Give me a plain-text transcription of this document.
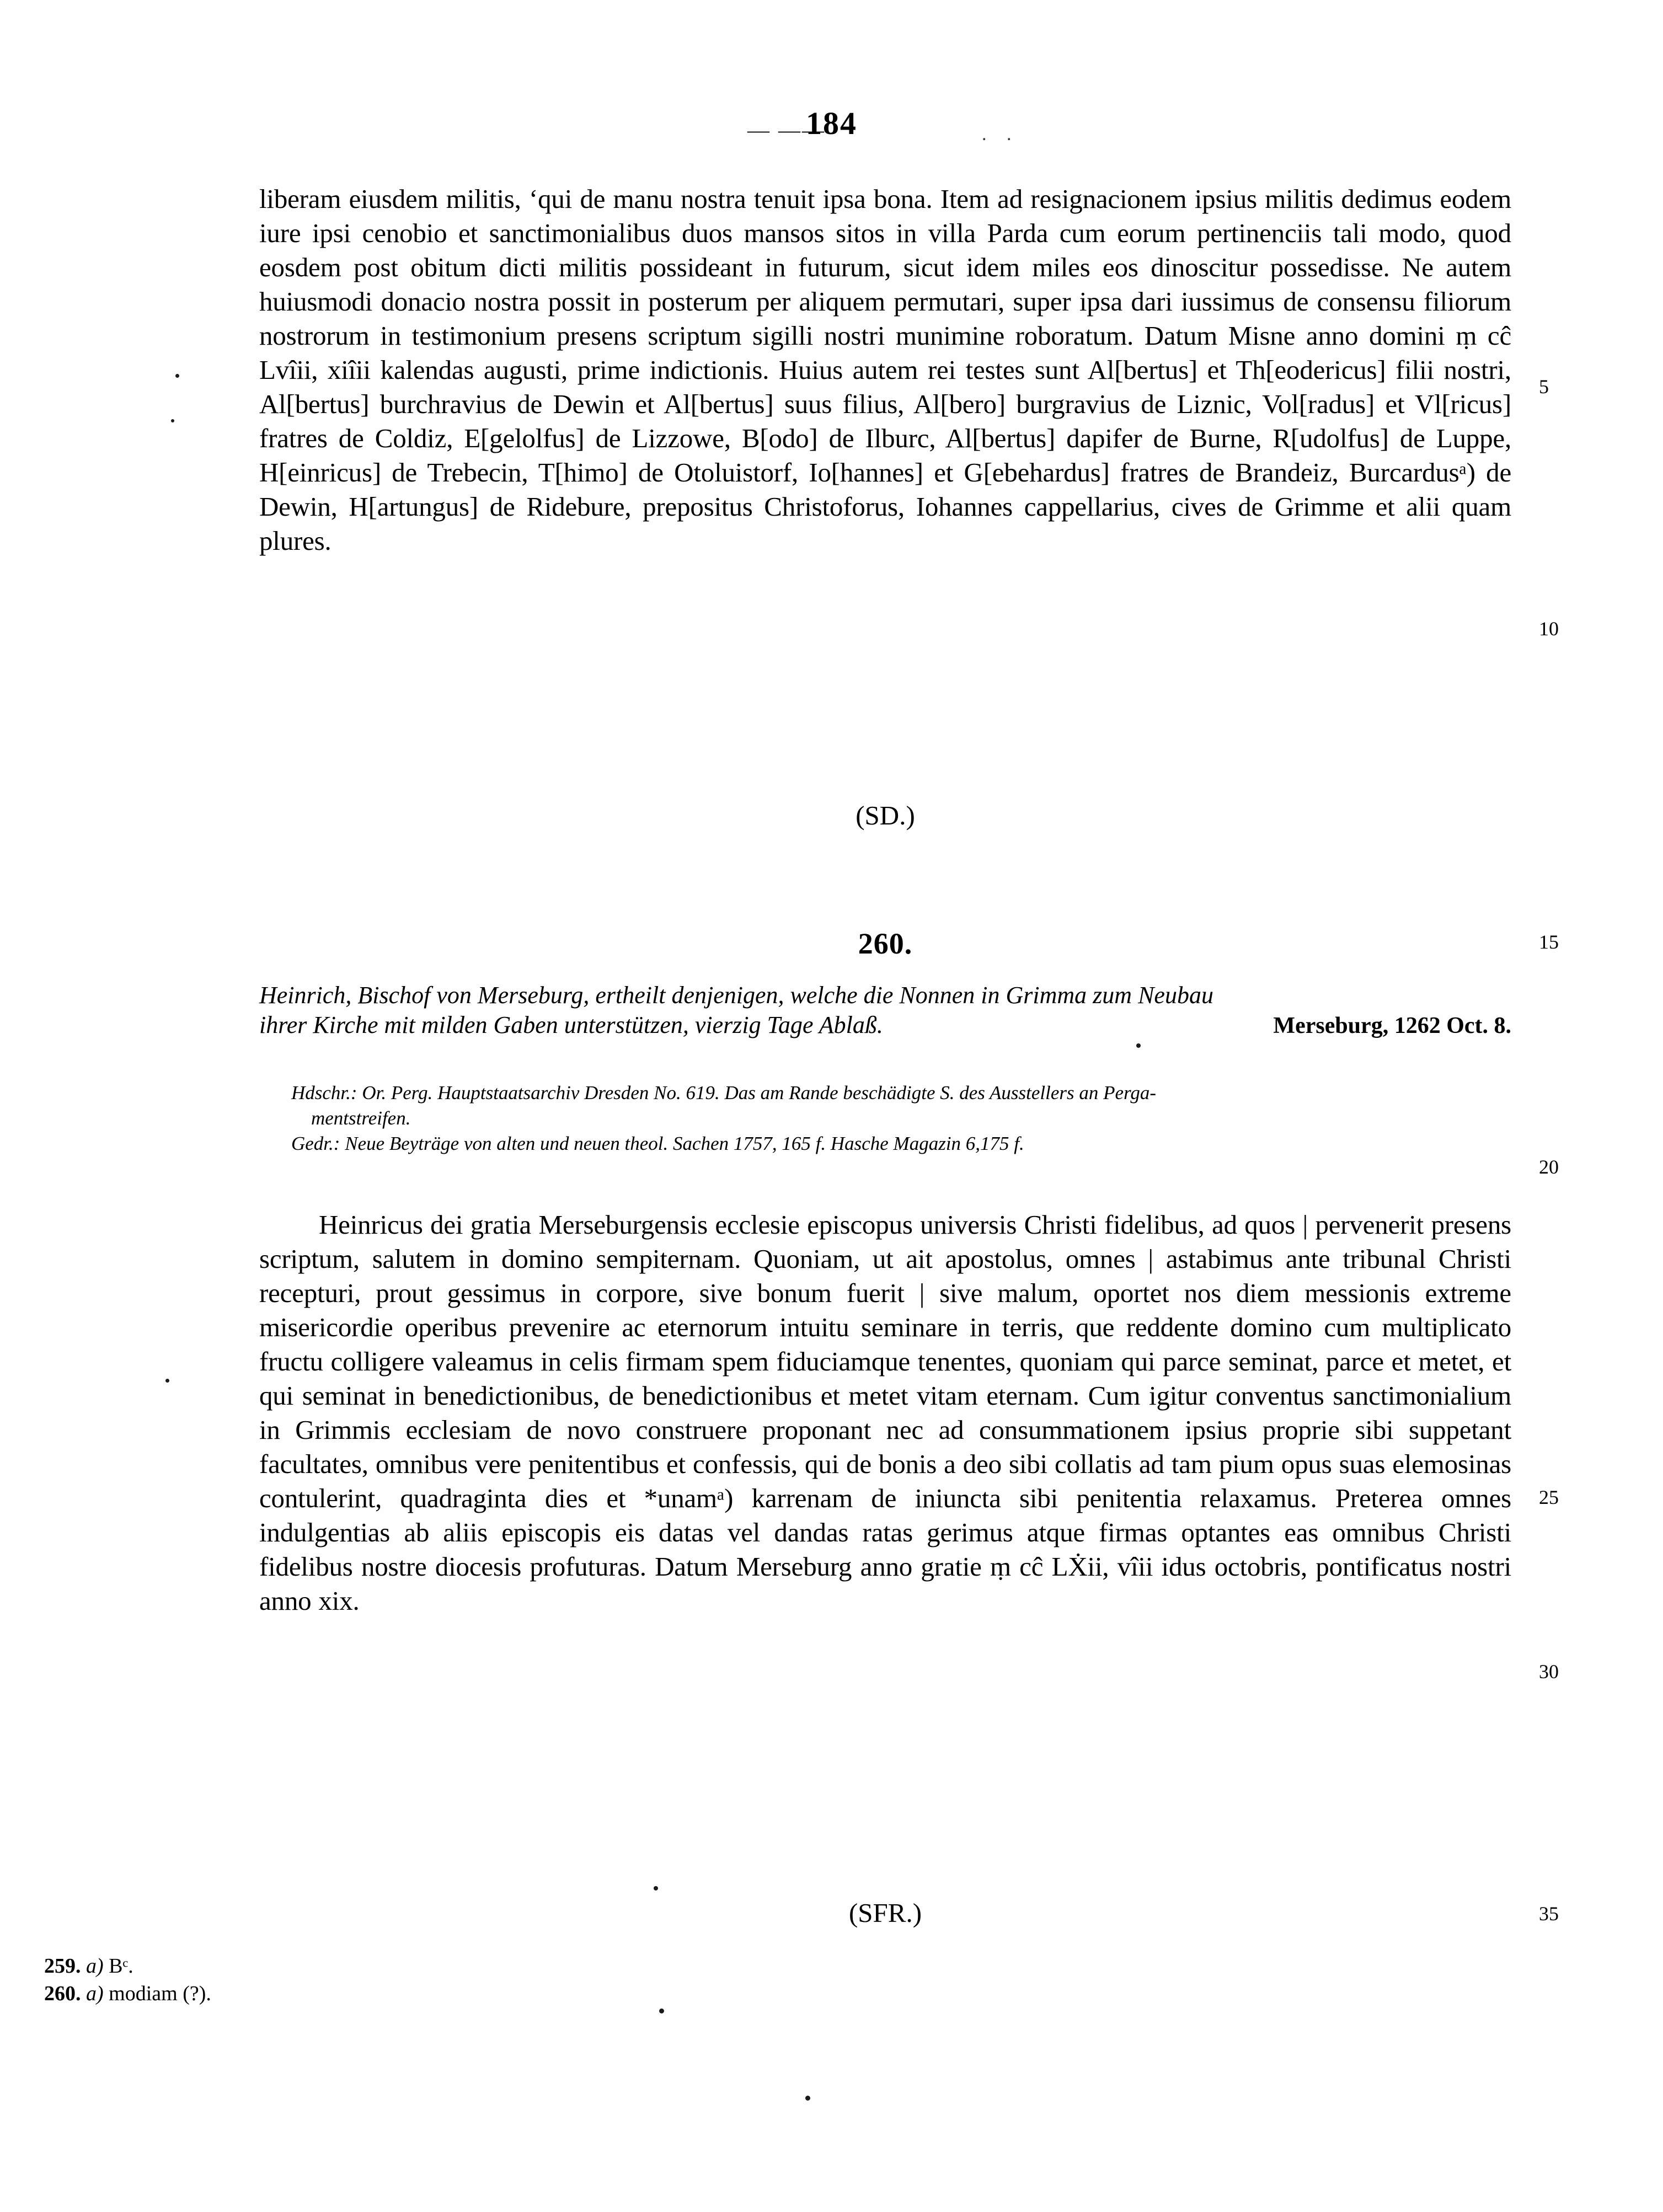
— ——
184	. .

liberam eiusdem militis, ‘qui de manu nostra tenuit ipsa bona. Item ad resignacionem ipsius militis dedimus eodem iure ipsi cenobio et sanctimonialibus duos mansos sitos in villa Parda cum eorum pertinenciis tali modo, quod eosdem post obitum dicti militis possideant in futurum, sicut idem miles eos dinoscitur possedisse. Ne autem huiusmodi donacio nostra possit in posterum per aliquem permutari, super ipsa dari iussimus de consensu filiorum nostrorum in testimonium presens scriptum sigilli nostri munimine roboratum. Datum Misne anno domini ṃ cĉ Lvîii, xiîii kalendas augusti, prime indictionis. Huius autem rei testes sunt Al[bertus] et Th[eodericus] filii nostri, Al[bertus] burchravius de Dewin et Al[bertus] suus filius, Al[bero] burgravius de Liznic, Vol[radus] et Vl[ricus] fratres de Coldiz, E[gelolfus] de Lizzowe, B[odo] de Ilburc, Al[bertus] dapifer de Burne, R[udolfus] de Luppe, H[einricus] de Trebecin, T[himo] de Otoluistorf, Io[hannes] et G[ebehardus] fratres de Brandeiz, Burcardusᵃ) de Dewin, H[artungus] de Ridebure, prepositus Christoforus, Iohannes cappellarius, cives de Grimme et alii quam plures.

(SD.)
260.
Heinrich, Bischof von Merseburg, ertheilt denjenigen, welche die Nonnen in Grimma zum Neubau
ihrer Kirche mit milden Gaben unterstützen, vierzig Tage Ablaß.	Merseburg, 1262 Oct. 8.
Hdschr.: Or. Perg. Hauptstaatsarchiv Dresden No. 619. Das am Rande beschädigte S. des Ausstellers an Perga-
mentstreifen.
Gedr.: Neue Beyträge von alten und neuen theol. Sachen 1757, 165 f. Hasche Magazin 6,175 f.

Heinricus dei gratia Merseburgensis ecclesie episcopus universis Christi fidelibus, ad quos | pervenerit presens scriptum, salutem in domino sempiternam. Quoniam, ut ait apostolus, omnes | astabimus ante tribunal Christi recepturi, prout gessimus in corpore, sive bonum fuerit | sive malum, oportet nos diem messionis extreme misericordie operibus prevenire ac eternorum intuitu seminare in terris, que reddente domino cum multiplicato fructu colligere valeamus in celis firmam spem fiduciamque tenentes, quoniam qui parce seminat, parce et metet, et qui seminat in benedictionibus, de benedictionibus et metet vitam eternam. Cum igitur conventus sanctimonialium in Grimmis ecclesiam de novo construere proponant nec ad consummationem ipsius proprie sibi suppetant facultates, omnibus vere penitentibus et confessis, qui de bonis a deo sibi collatis ad tam pium opus suas elemosinas contulerint, quadraginta dies et *unamᵃ) karrenam de iniuncta sibi penitentia relaxamus. Preterea omnes indulgentias ab aliis episcopis eis datas vel dandas ratas gerimus atque firmas optantes eas omnibus Christi fidelibus nostre diocesis profuturas. Datum Merseburg anno gratie ṃ cĉ LẊii, vîii idus octobris, pontificatus nostri anno xix.

(SFR.)
259. a) Bᶜ.
260. a) modiam (?).
5
10
15
20
25
30
35
